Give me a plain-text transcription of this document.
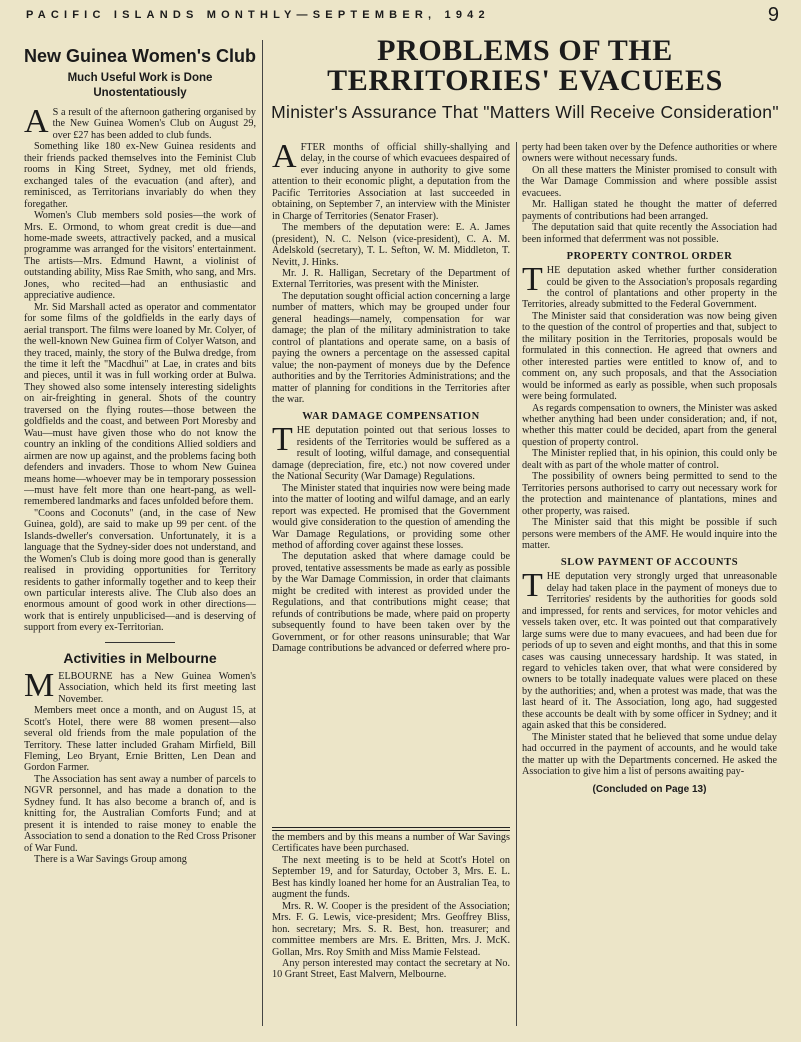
PACIFIC ISLANDS MONTHLY—SEPTEMBER, 1942	9
New Guinea Women's Club
Much Useful Work is Done Unostentatiously

A S a result of the afternoon gathering organised by the New Guinea Women's Club on August 29, over £27 has been added to club funds.

Something like 180 ex-New Guinea residents and their friends packed themselves into the Feminist Club rooms in King Street, Sydney, met old friends, exchanged tales of the evacuation (and after), and reminisced, as Territorians invariably do when they foregather.

Women's Club members sold posies—the work of Mrs. E. Ormond, to whom great credit is due—and home-made sweets, attractively packed, and a musical programme was arranged for the visitors' entertainment. The artists—Mrs. Edmund Hawnt, a violinist of outstanding ability, Miss Rae Smith, who sang, and Mrs. Jones, who recited—had an enthusiastic and appreciative audience.

Mr. Sid Marshall acted as operator and commentator for some films of the goldfields in the early days of aerial transport. The films were loaned by Mr. Colyer, of the well-known New Guinea firm of Colyer Watson, and they traced, mainly, the story of the Bulwa dredge, from the time it left the "Macdhui" at Lae, in crates and bits and pieces, until it was in full working order at Bulwa. They showed also some intensely interesting sidelights on air-freighting in general. Shots of the country traversed on the flying routes—those between the goldfields and the coast, and between Port Moresby and Wau—must have given those who do not know the country an inkling of the conditions Allied soldiers and airmen are now up against, and the problems facing both defenders and invaders. Those to whom New Guinea means home—whoever may be in temporary possession—must have felt more than one heart-pang, as well-remembered landmarks and faces unfolded before them.

"Coons and Coconuts" (and, in the case of New Guinea, gold), are said to make up 99 per cent. of the Islands-dweller's conversation. Unfortunately, it is a language that the Sydney-sider does not understand, and the Women's Club is doing more good than is generally realised in providing opportunities for Territory residents to gather informally together and to keep their own particular interests alive. The Club also does an enormous amount of good work in other directions—work that is entirely unpublicised—and is deserving of support from every ex-Territorian.

Activities in Melbourne

MELBOURNE has a New Guinea Women's Association, which held its first meeting last November.

Members meet once a month, and on August 15, at Scott's Hotel, there were 88 women present—also several old friends from the male population of the Territory. These latter included Graham Mirfield, Bill Fleming, Leo Bryant, Ernie Britten, Len Dean and Gordon Farmer.

The Association has sent away a number of parcels to NGVR personnel, and has made a donation to the Sydney fund. It has also become a branch of, and is knitting for, the Australian Comforts Fund; and at present it is intended to raise money to enable the Association to send a donation to the Red Cross Prisoner of War Fund.

There is a War Savings Group among

PROBLEMS OF THE TERRITORIES' EVACUEES
Minister's Assurance That "Matters Will Receive Consideration"

AFTER months of official shilly-shallying and delay, in the course of which evacuees despaired of ever inducing anyone in authority to give some attention to their economic plight, a deputation from the Pacific Territories Association at last succeeded in obtaining, on September 7, an interview with the Minister in Charge of Territories (Senator Fraser).

The members of the deputation were: E. A. James (president), N. C. Nelson (vice-president), C. A. M. Adelskold (secretary), T. L. Sefton, W. M. Middleton, T. Nevitt, J. Hinks.

Mr. J. R. Halligan, Secretary of the Department of External Territories, was present with the Minister.

The deputation sought official action concerning a large number of matters, which may be grouped under four general headings—namely, compensation for war damage; the plan of the military administration to take control of plantations and operate same, on a basis of paying the owners a percentage on the assessed capital value; the non-payment of moneys due by the Defence authorities and by the Territories Administrations; and the matter of planning for conditions in the Territories after the war.

WAR DAMAGE COMPENSATION

THE deputation pointed out that serious losses to residents of the Territories would be suffered as a result of looting, wilful damage, and consequential damage (depreciation, fire, etc.) not now covered under the National Security (War Damage) Regulations.

The Minister stated that inquiries now were being made into the matter of looting and wilful damage, and an early report was expected. He promised that the Government would give consideration to the question of amending the War Damage Regulations, or providing some other method of affording cover against these losses.

The deputation asked that where damage could be proved, tentative assessments be made as early as possible by the War Damage Commission, in order that claimants might be credited with interest as provided under the Regulations, and that contributions might cease; that refunds of contributions be made, where paid on property subsequently found to have been taken over by the Government, or for other reasons uninsurable; that War Damage contributions be advanced or deferred where pro-

perty had been taken over by the Defence authorities or where owners were without necessary funds.

On all these matters the Minister promised to consult with the War Damage Commission and where possible assist evacuees.

Mr. Halligan stated he thought the matter of deferred payments of contributions had been arranged.

The deputation said that quite recently the Association had been informed that deferrment was not possible.

PROPERTY CONTROL ORDER

THE deputation asked whether further consideration could be given to the Association's proposals regarding the control of plantations and other property in the Territories, already submitted to the Federal Government.

The Minister said that consideration was now being given to the question of the control of properties and that, subject to the military position in the Territories, proposals would be formulated in this connection. He agreed that owners and other interested parties were entitled to know of, and to comment on, any such proposals, and that the Association would be informed as early as possible, when such proposals were being formulated.

As regards compensation to owners, the Minister was asked whether anything had been under consideration; and, if not, whether this matter could be decided, apart from the general question of property control.

The Minister replied that, in his opinion, this could only be dealt with as part of the whole matter of control.

The possibility of owners being permitted to send to the Territories persons authorised to carry out necessary work for the protection and maintenance of plantations, mines and other property, was raised.

The Minister said that this might be possible if such persons were members of the AMF. He would inquire into the matter.

SLOW PAYMENT OF ACCOUNTS

THE deputation very strongly urged that unreasonable delay had taken place in the payment of moneys due to Territories' residents by the authorities for goods sold and impressed, for rents and services, for motor vehicles and vessels taken over, etc. It was pointed out that comparatively large sums were due to many evacuees, and had been due for periods of up to seven and eight months, and that this in some cases was causing unnecessary hardship. It was stated, in regard to vehicles taken over, that what were considered by owners to be totally inadequate values were placed on these by the authorities; and, when a protest was made, that was the last heard of it. The Association, long ago, had suggested these accounts be dealt with by some officer in Sydney; and it again asked that this be considered.

The Minister stated that he believed that some undue delay had occurred in the payment of accounts, and he would take the matter up with the Departments concerned. He asked the Association to give him a list of persons awaiting pay-

(Concluded on Page 13)

the members and by this means a number of War Savings Certificates have been purchased.

The next meeting is to be held at Scott's Hotel on September 19, and for Saturday, October 3, Mrs. E. L. Best has kindly loaned her home for an Australian Tea, to augment the funds.

Mrs. R. W. Cooper is the president of the Association; Mrs. F. G. Lewis, vice-president; Mrs. Geoffrey Bliss, hon. secretary; Mrs. S. R. Best, hon. treasurer; and committee members are Mrs. E. Britten, Mrs. J. McK. Gollan, Mrs. Roy Smith and Miss Mamie Felstead.

Any person interested may contact the secretary at No. 10 Grant Street, East Malvern, Melbourne.
